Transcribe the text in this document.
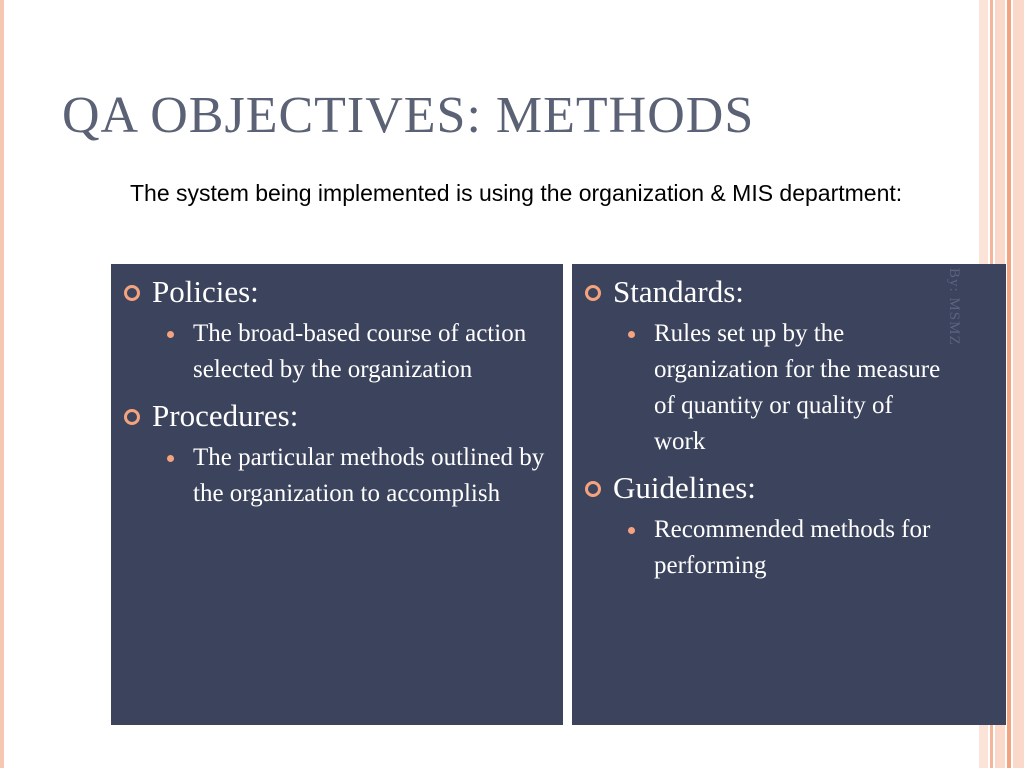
QA OBJECTIVES: METHODS

The system being implemented is using the organization & MIS department:

Policies:
The broad-based course of action selected by the organization
Procedures:
The particular methods outlined by the organization to accomplish
Standards:
Rules set up by the organization for the measure of quantity or quality of work
Guidelines:
Recommended methods for performing
By: MSMZ
